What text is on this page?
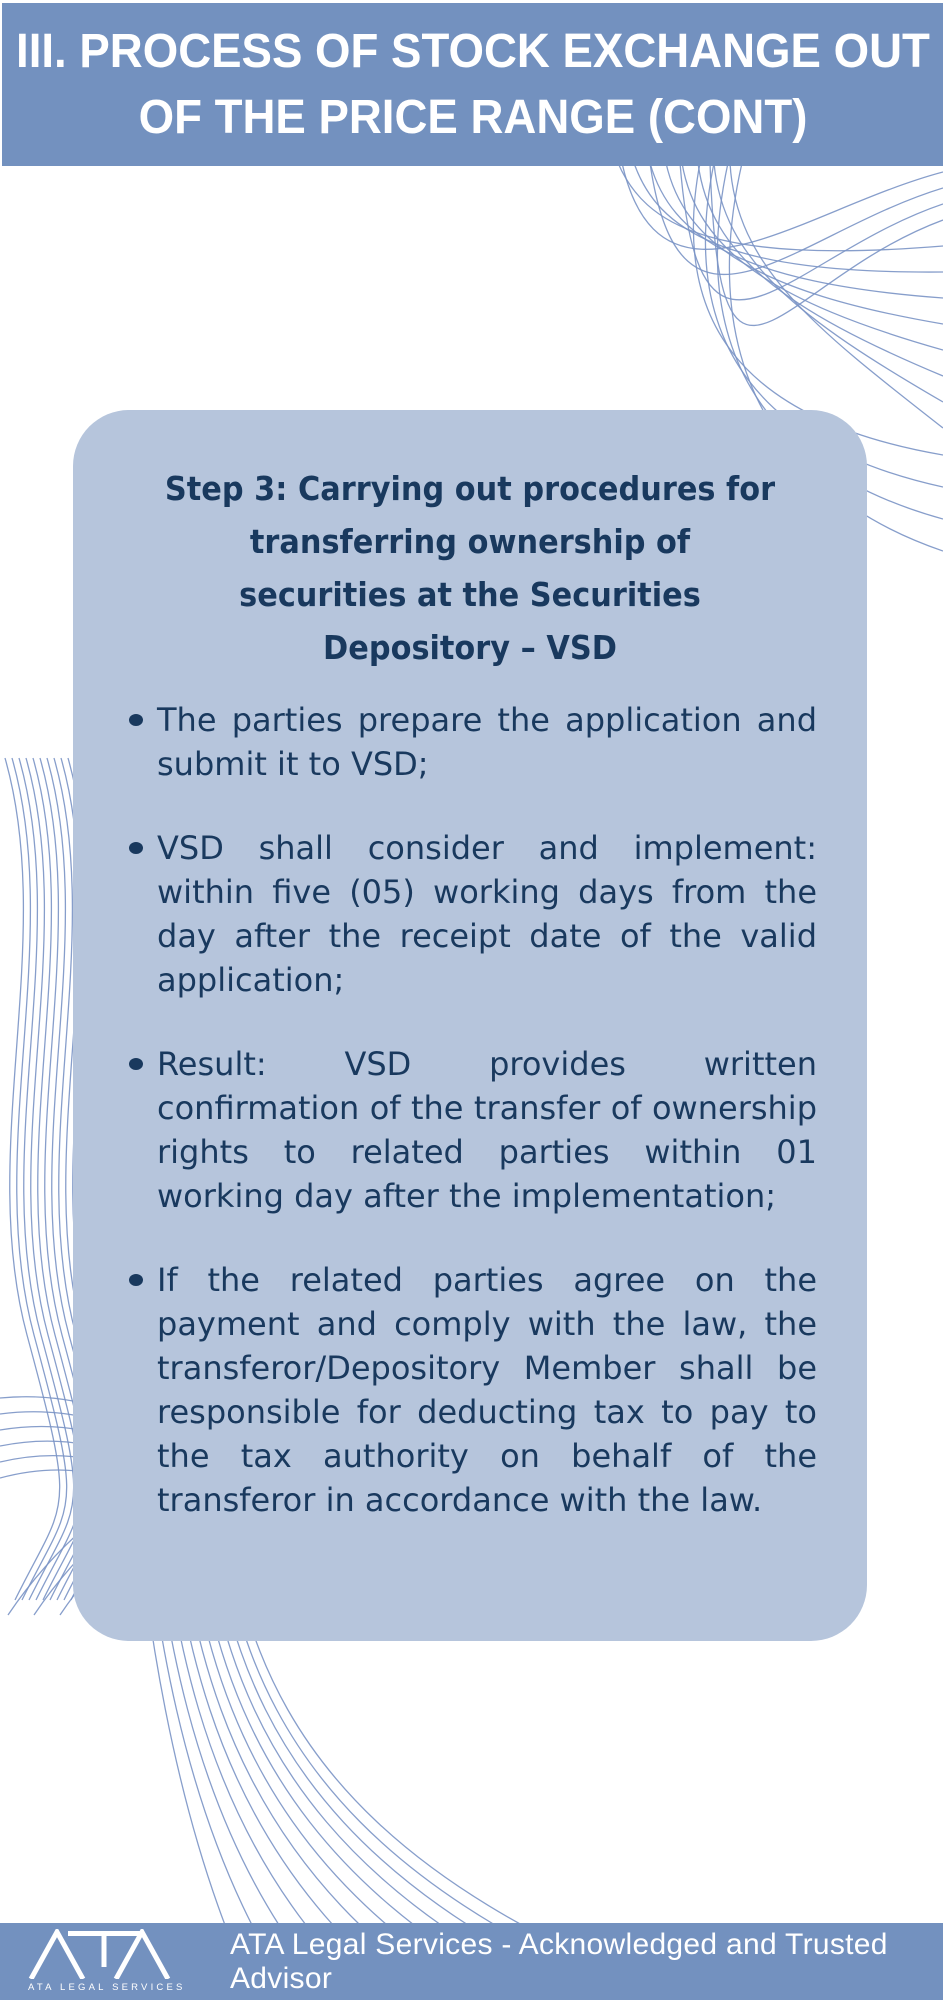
III. PROCESS OF STOCK EXCHANGE OUT
OF THE PRICE RANGE (CONT)
Step 3: Carrying out procedures for
transferring ownership of
securities at the Securities
Depository – VSD
The parties prepare the application and submit it to VSD;
VSD shall consider and implement: within five (05) working days from the day after the receipt date of the valid application;
Result: VSD provides written confirmation of the transfer of ownership rights to related parties within 01 working day after the implementation;
If the related parties agree on the payment and comply with the law, the transferor/Depository Member shall be responsible for deducting tax to pay to the tax authority on behalf of the transferor in accordance with the law.
ATA LEGAL SERVICES
ATA Legal Services - Acknowledged and Trusted Advisor
